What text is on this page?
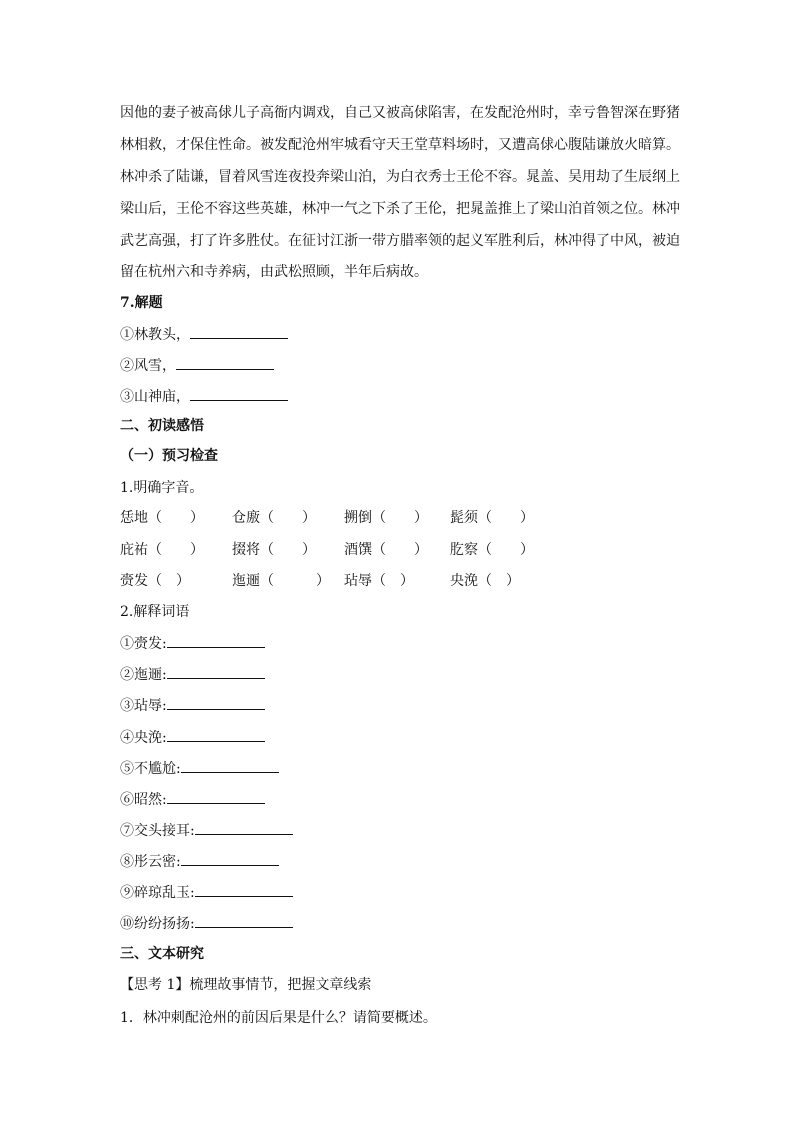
因他的妻子被高俅儿子高衙内调戏，自己又被高俅陷害，在发配沧州时，幸亏鲁智深在野猪
林相救，才保住性命。被发配沧州牢城看守天王堂草料场时，又遭高俅心腹陆谦放火暗算。
林冲杀了陆谦，冒着风雪连夜投奔梁山泊，为白衣秀士王伦不容。晁盖、吴用劫了生辰纲上
梁山后，王伦不容这些英雄，林冲一气之下杀了王伦，把晁盖推上了梁山泊首领之位。林冲
武艺高强，打了许多胜仗。在征讨江浙一带方腊率领的起义军胜利后，林冲得了中风，被迫
留在杭州六和寺养病，由武松照顾，半年后病故。
7.解题
①林教头，
②风雪，
③山神庙，
二、初读感悟
（一）预习检查
1.明确字音。
恁地（　　） 仓廒（　　） 搠倒（　　） 髭须（　　）
庇祐（　　） 掇将（　　） 酒馔（　　） 肐察（　　）
赍发（　）	迤逦（　　　） 玷辱（　）	央浼（　）
2.解释词语
①赍发:
②迤逦:
③玷辱:
④央浼:
⑤不尴尬:
⑥昭然:
⑦交头接耳:
⑧彤云密:
⑨碎琼乱玉:
⑩纷纷扬扬:
三、文本研究
【思考 1】梳理故事情节，把握文章线索
1．林冲刺配沧州的前因后果是什么？请简要概述。
